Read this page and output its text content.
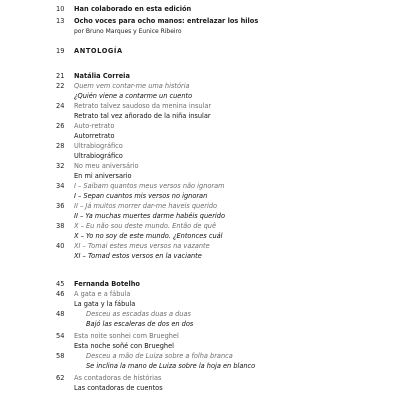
10	Han colaborado en esta edición
13	Ocho voces para ocho manos: entrelazar los hilos
por Bruno Marques y Eunice Ribeiro
19	ANTOLOGÍA
21	Natália Correia
22	Quem vem contar-me uma história
¿Quién viene a contarme un cuento
24	Retrato talvez saudoso da menina insular
Retrato tal vez añorado de la niña insular
26	Auto-retrato
Autorretrato
28	Ultrabiográfico
Ultrabiográfico
32	No meu aniversário
En mi aniversario
34	I – Saibam quantos meus versos não ignoram
I – Sepan cuantos mis versos no ignoran
36	II – Já muitos morrer dar-me haveis querido
II – Ya muchas muertes darme habéis querido
38	X – Eu não sou deste mundo. Então de quê
X – Yo no soy de este mundo. ¿Entonces cuál
40	XI – Tomai estes meus versos na vazante
XI – Tomad estos versos en la vaciante
45	Fernanda Botelho
46	A gata e a fábula
La gata y la fábula
48	Desceu as escadas duas a duas
Bajó las escaleras de dos en dos
54	Esta noite sonhei com Brueghel
Esta noche soñé con Brueghel
58	Desceu a mão de Luiza sobre a folha branca
Se inclina la mano de Luiza sobre la hoja en blanco
62	As contadoras de histórias
Las contadoras de cuentos
